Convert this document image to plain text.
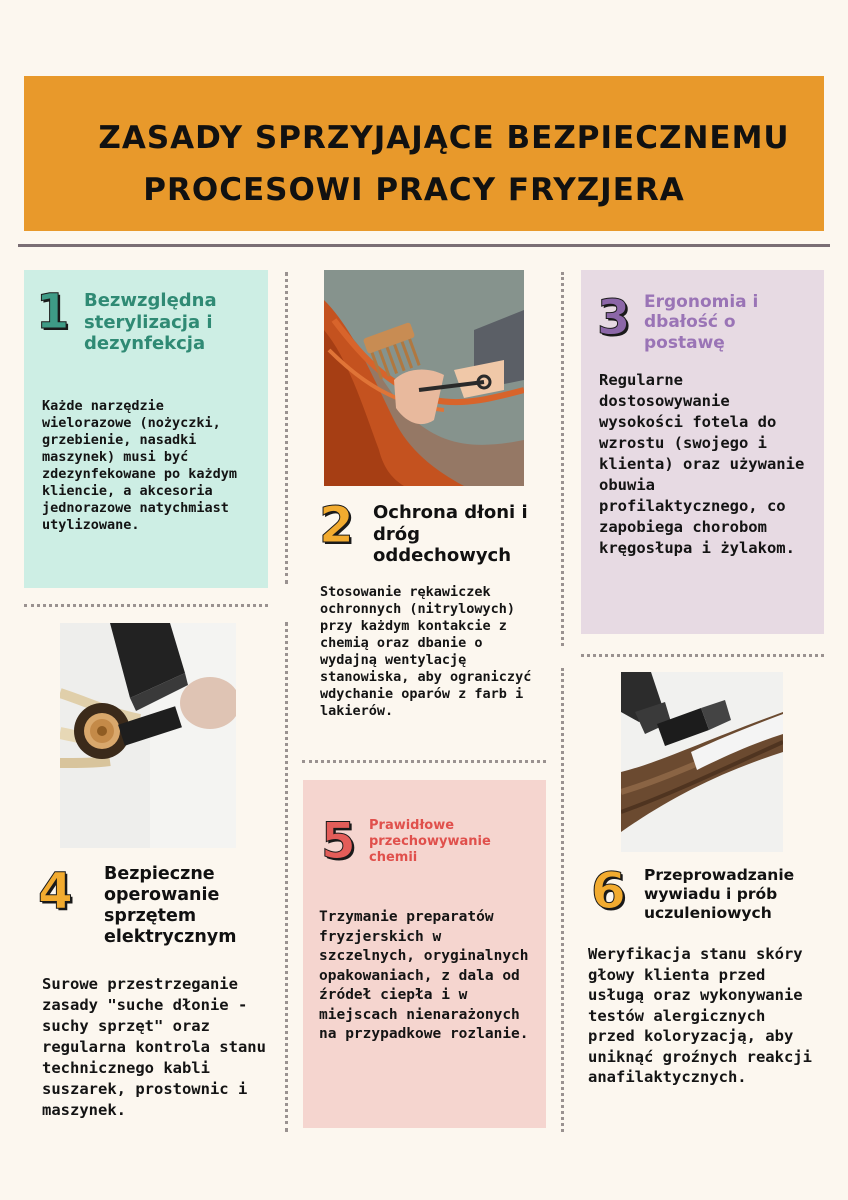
ZASADY SPRZYJAJĄCE BEZPIECZNEMU
PROCESOWI PRACY FRYZJERA
1 Bezwzględna sterylizacja i dezynfekcja
Każde narzędzie wielorazowe (nożyczki, grzebienie, nasadki maszynek) musi być zdezynfekowane po każdym kliencie, a akcesoria jednorazowe natychmiast utylizowane.	2 Ochrona dłoni i dróg oddechowych
Stosowanie rękawiczek ochronnych (nitrylowych) przy każdym kontakcie z chemią oraz dbanie o wydajną wentylację stanowiska, aby ograniczyć wdychanie oparów z farb i lakierów.
3 Ergonomia i dbałość o postawę
Regularne dostosowywanie wysokości fotela do wzrostu (swojego i klienta) oraz używanie obuwia profilaktycznego, co zapobiega chorobom kręgosłupa i żylakom.
4 Bezpieczne operowanie sprzętem elektrycznym
Surowe przestrzeganie zasady "suche dłonie - suchy sprzęt" oraz regularna kontrola stanu technicznego kabli suszarek, prostownic i maszynek.
5 Prawidłowe przechowywanie chemii
Trzymanie preparatów fryzjerskich w szczelnych, oryginalnych opakowaniach, z dala od źródeł ciepła i w miejscach nienarażonych na przypadkowe rozlanie.
6 Przeprowadzanie wywiadu i prób uczuleniowych
Weryfikacja stanu skóry głowy klienta przed usługą oraz wykonywanie testów alergicznych przed koloryzacją, aby uniknąć groźnych reakcji anafilaktycznych.
